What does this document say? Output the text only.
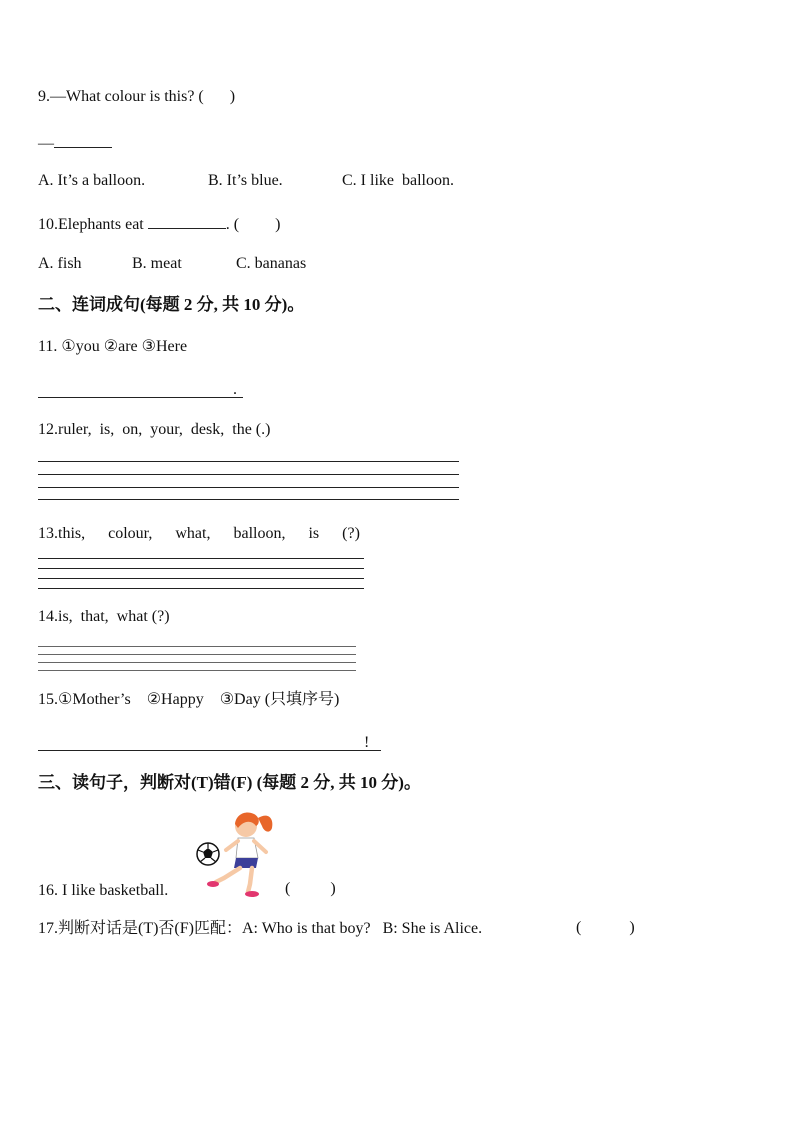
9.—What colour is this? ( )
—
A. It’s a balloon.	B. It’s blue.	C. I like  balloon.
10.Elephants eat	. ( )
A. fish	B. meat	C. bananas
二、连词成句(每题 2 分, 共 10 分)。
11. ①you ②are ③Here
.
12.ruler,  is,  on,  your,  desk,  the (.)
13.this, colour, what, balloon, is (?)
14.is,  that,  what (?)
15.①Mother’s    ②Happy    ③Day (只填序号)
!
三、读句子，判断对(T)错(F) (每题 2 分, 共 10 分)。
16. I like basketball.	(          )
17.判断对话是(T)否(F)匹配：A: Who is that boy?   B: She is Alice.	(            )
